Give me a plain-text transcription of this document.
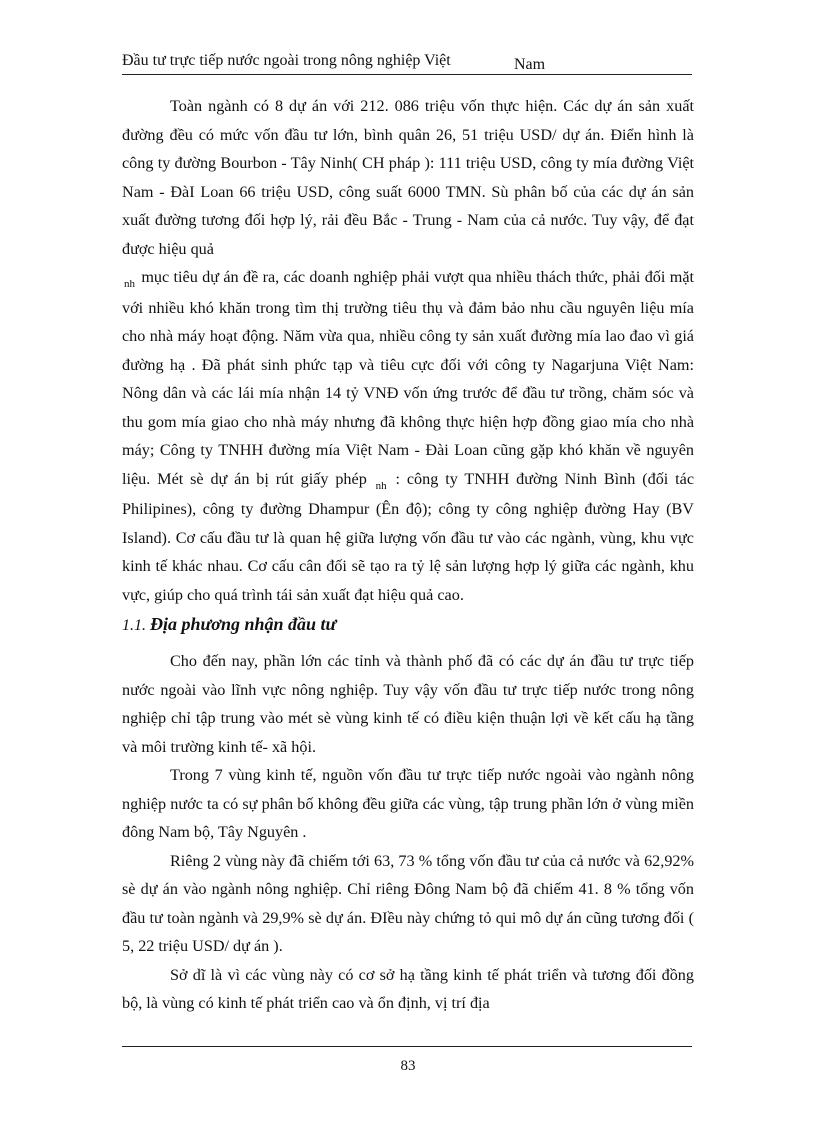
Đầu tư trực tiếp nước ngoài trong nông nghiệp Việt	Nam

Toàn ngành có 8 dự án với 212. 086 triệu vốn thực hiện. Các dự án sản xuất đường đều có mức vốn đầu tư lớn, bình quân 26, 51 triệu USD/ dự án. Điển hình là công ty đường Bourbon - Tây Ninh( CH pháp ): 111 triệu USD, công ty mía đường Việt Nam - ĐàI Loan 66 triệu USD, công suất 6000 TMN. Sù phân bố của các dự án sản xuất đường tương đối hợp lý, rải đều Bắc - Trung - Nam của cả nước. Tuy vậy, để đạt được hiệu quả
$_{nh}$ mục tiêu dự án đề ra, các doanh nghiệp phải vượt qua nhiều thách thức, phải đối mặt với nhiều khó khăn trong tìm thị trường tiêu thụ và đảm bảo nhu cầu nguyên liệu mía cho nhà máy hoạt động. Năm vừa qua, nhiều công ty sản xuất đường mía lao đao vì giá đường hạ . Đã phát sinh phức tạp và tiêu cực đối với công ty Nagarjuna Việt Nam: Nông dân và các lái mía nhận 14 tỷ VNĐ vốn ứng trước để đầu tư trồng, chăm sóc và thu gom mía giao cho nhà máy nhưng đã không thực hiện hợp đồng giao mía cho nhà máy; Công ty TNHH đường mía Việt Nam - Đài Loan cũng gặp khó khăn về nguyên liệu. Mét sè dự án bị rút giấy phép $_{nh}$ : công ty TNHH đường Ninh Bình (đối tác Philipines), công ty đường Dhampur (Ên độ); công ty công nghiệp đường Hay (BV Island). Cơ cấu đầu tư là quan hệ giữa lượng vốn đầu tư vào các ngành, vùng, khu vực kinh tế khác nhau. Cơ cấu cân đối sẽ tạo ra tỷ lệ sản lượng hợp lý giữa các ngành, khu vực, giúp cho quá trình tái sản xuất đạt hiệu quả cao.

1.1. Địa phương nhận đầu tư

Cho đến nay, phần lớn các tỉnh và thành phố đã có các dự án đầu tư trực tiếp nước ngoài vào lĩnh vực nông nghiệp. Tuy vậy vốn đầu tư trực tiếp nước trong nông nghiệp chỉ tập trung vào mét sè vùng kinh tế có điều kiện thuận lợi về kết cấu hạ tầng và môi trường kinh tế- xã hội.

Trong 7 vùng kinh tế, nguồn vốn đầu tư trực tiếp nước ngoài vào ngành nông nghiệp nước ta có sự phân bố không đều giữa các vùng, tập trung phần lớn ở vùng miền đông Nam bộ, Tây Nguyên .

Riêng 2 vùng này đã chiếm tới 63, 73 % tổng vốn đầu tư của cả nước và 62,92% sè dự án vào ngành nông nghiệp. Chỉ riêng Đông Nam bộ đã chiếm 41. 8 % tổng vốn đầu tư toàn ngành và 29,9% sè dự án. ĐIều này chứng tỏ qui mô dự án cũng tương đối ( 5, 22 triệu USD/ dự án ).

Sở dĩ là vì các vùng này có cơ sở hạ tầng kinh tế phát triển và tương đối đồng bộ, là vùng có kinh tế phát triển cao và ổn định, vị trí địa

83
